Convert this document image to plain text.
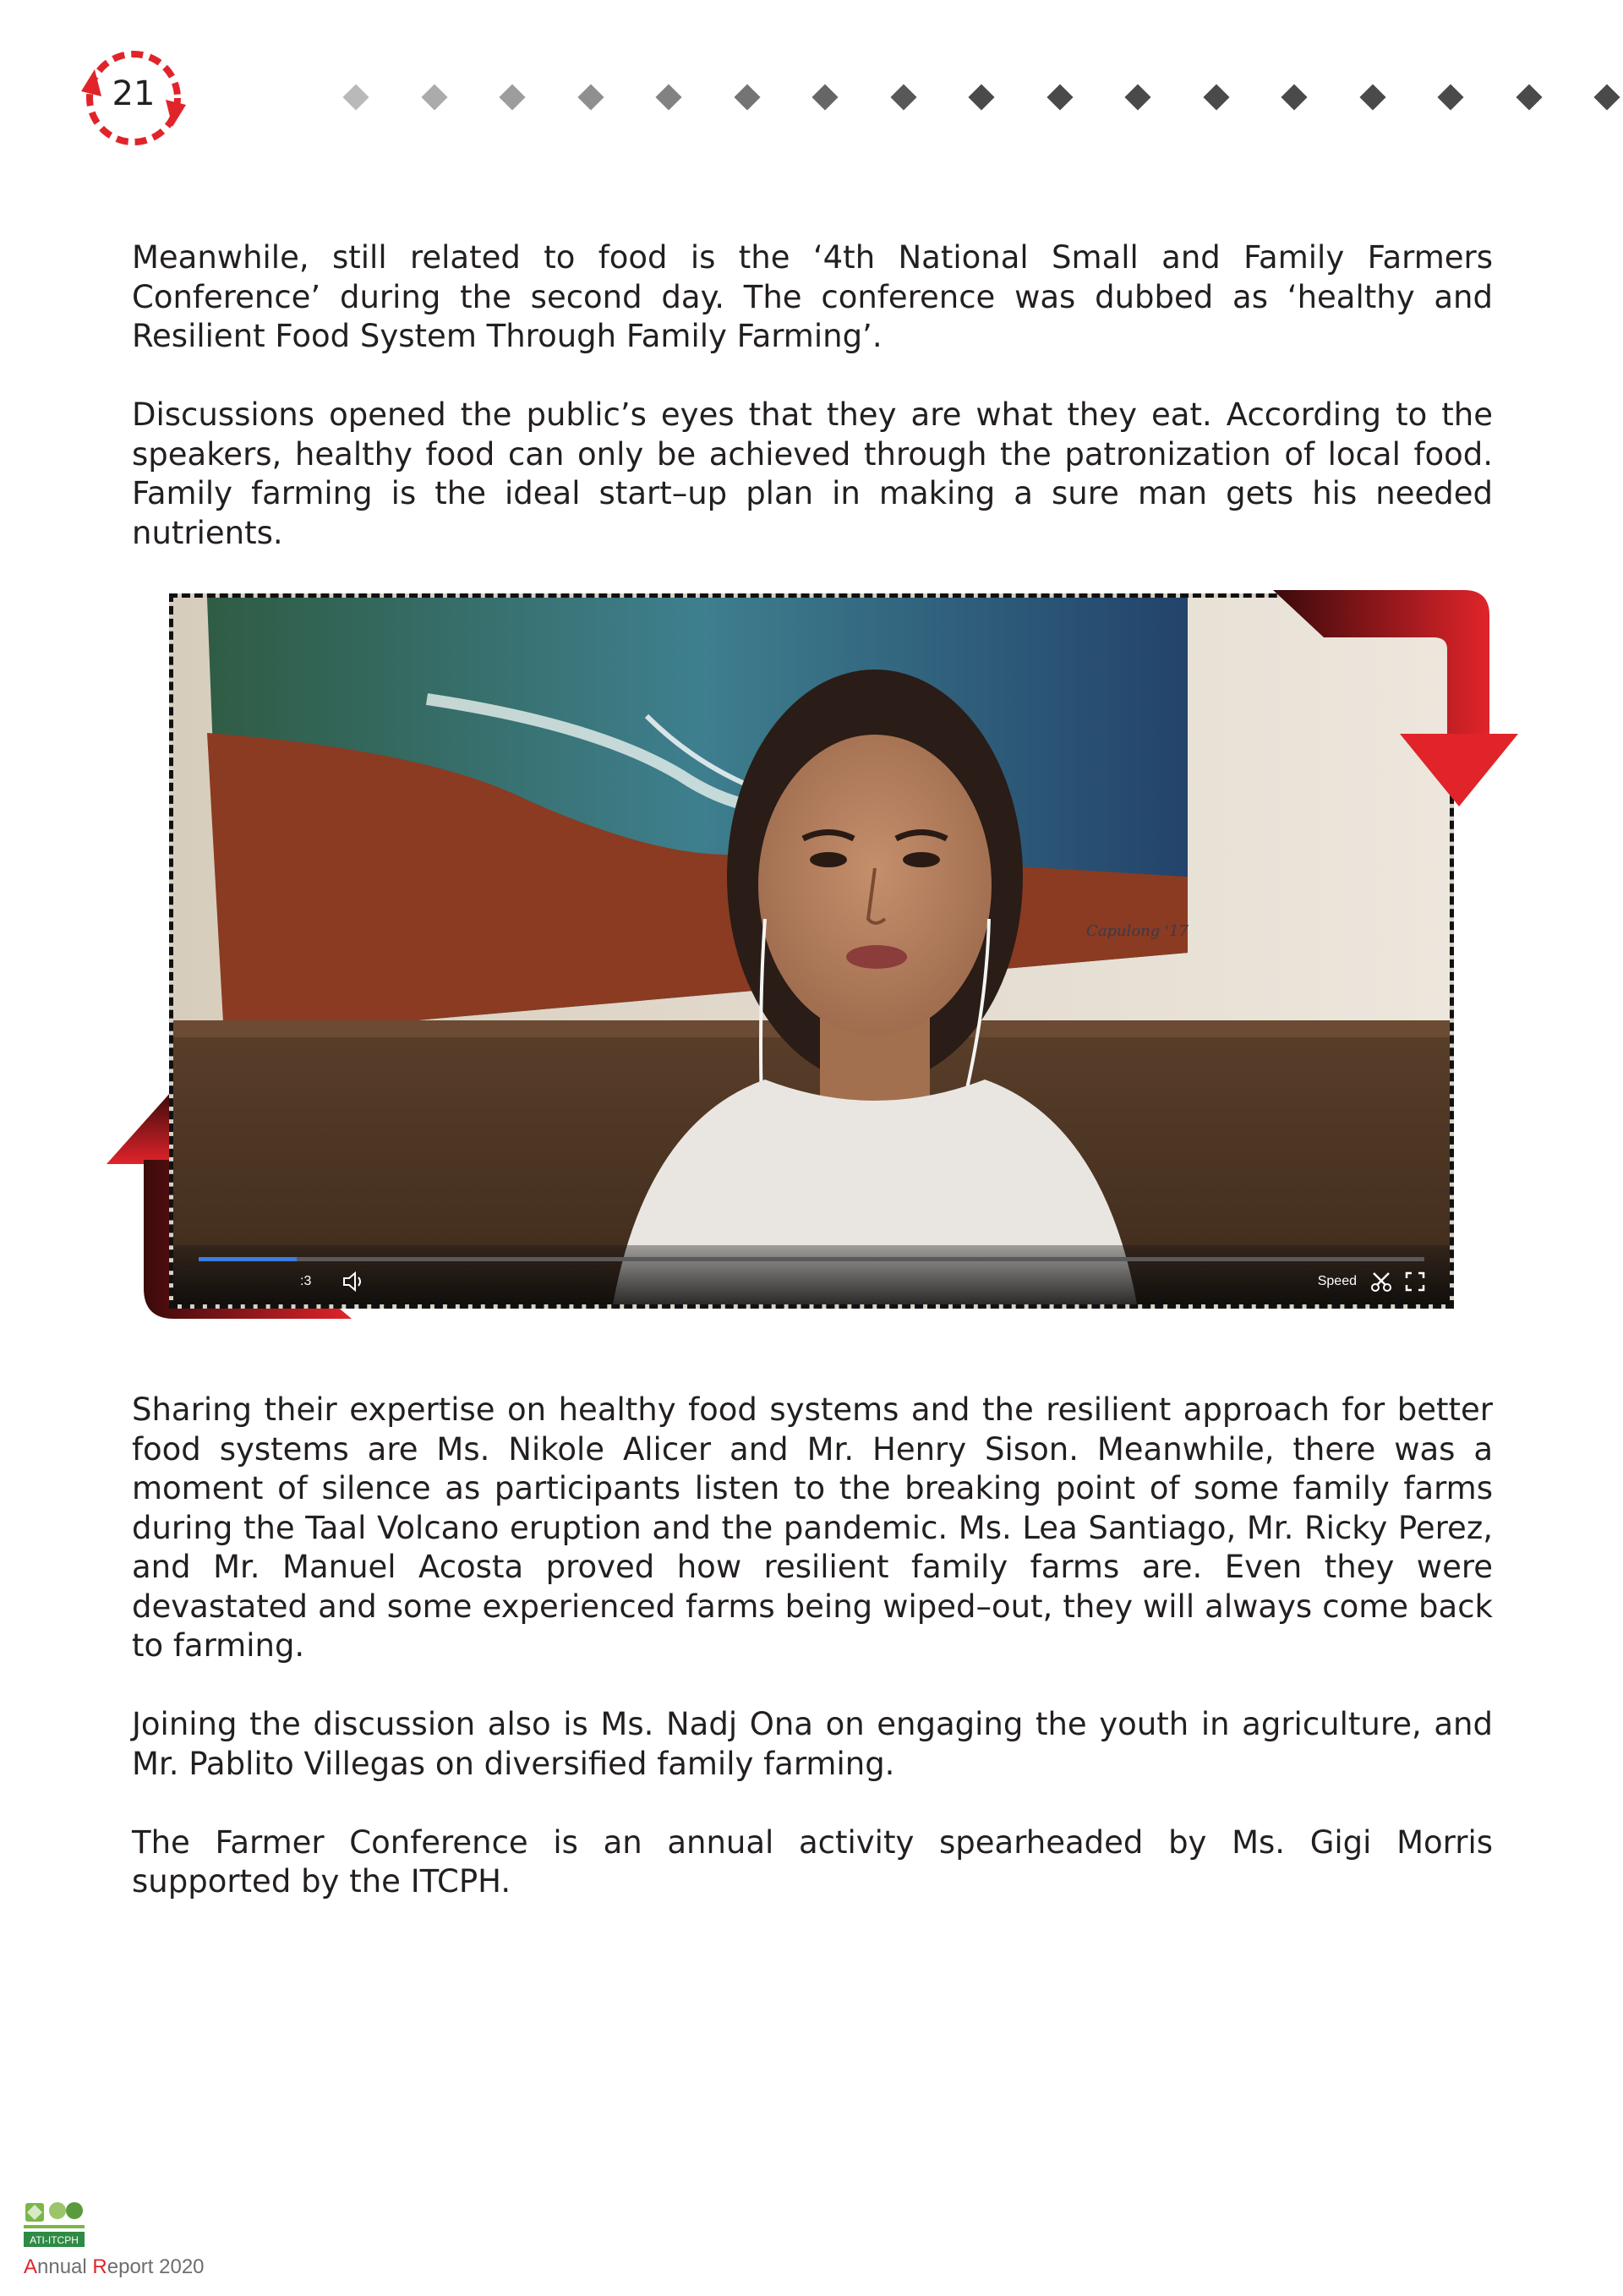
21

Meanwhile, still related to food is the ‘4th National Small and Family Farmers Conference’ during the second day. The conference was dubbed as ‘healthy and Resilient Food System Through Family Farming’.

Discussions opened the public’s eyes that they are what they eat. According to the speakers, healthy food can only be achieved through the patronization of local food. Family farming is the ideal start–up plan in making a sure man gets his needed nutrients.

Capulong '17
:3	Speed

Sharing their expertise on healthy food systems and the resilient approach for better food systems are Ms. Nikole Alicer and Mr. Henry Sison. Meanwhile, there was a moment of silence as participants listen to the breaking point of some family farms during the Taal Volcano eruption and the pandemic. Ms. Lea Santiago, Mr. Ricky Perez, and Mr. Manuel Acosta proved how resilient family farms are. Even they were devastated and some experienced farms being wiped–out, they will always come back to farming.

Joining the discussion also is Ms. Nadj Ona on engaging the youth in agriculture, and Mr. Pablito Villegas on diversified family farming.

The Farmer Conference is an annual activity spearheaded by Ms. Gigi Morris supported by the ITCPH.

ATI-ITCPH
Annual Report 2020
